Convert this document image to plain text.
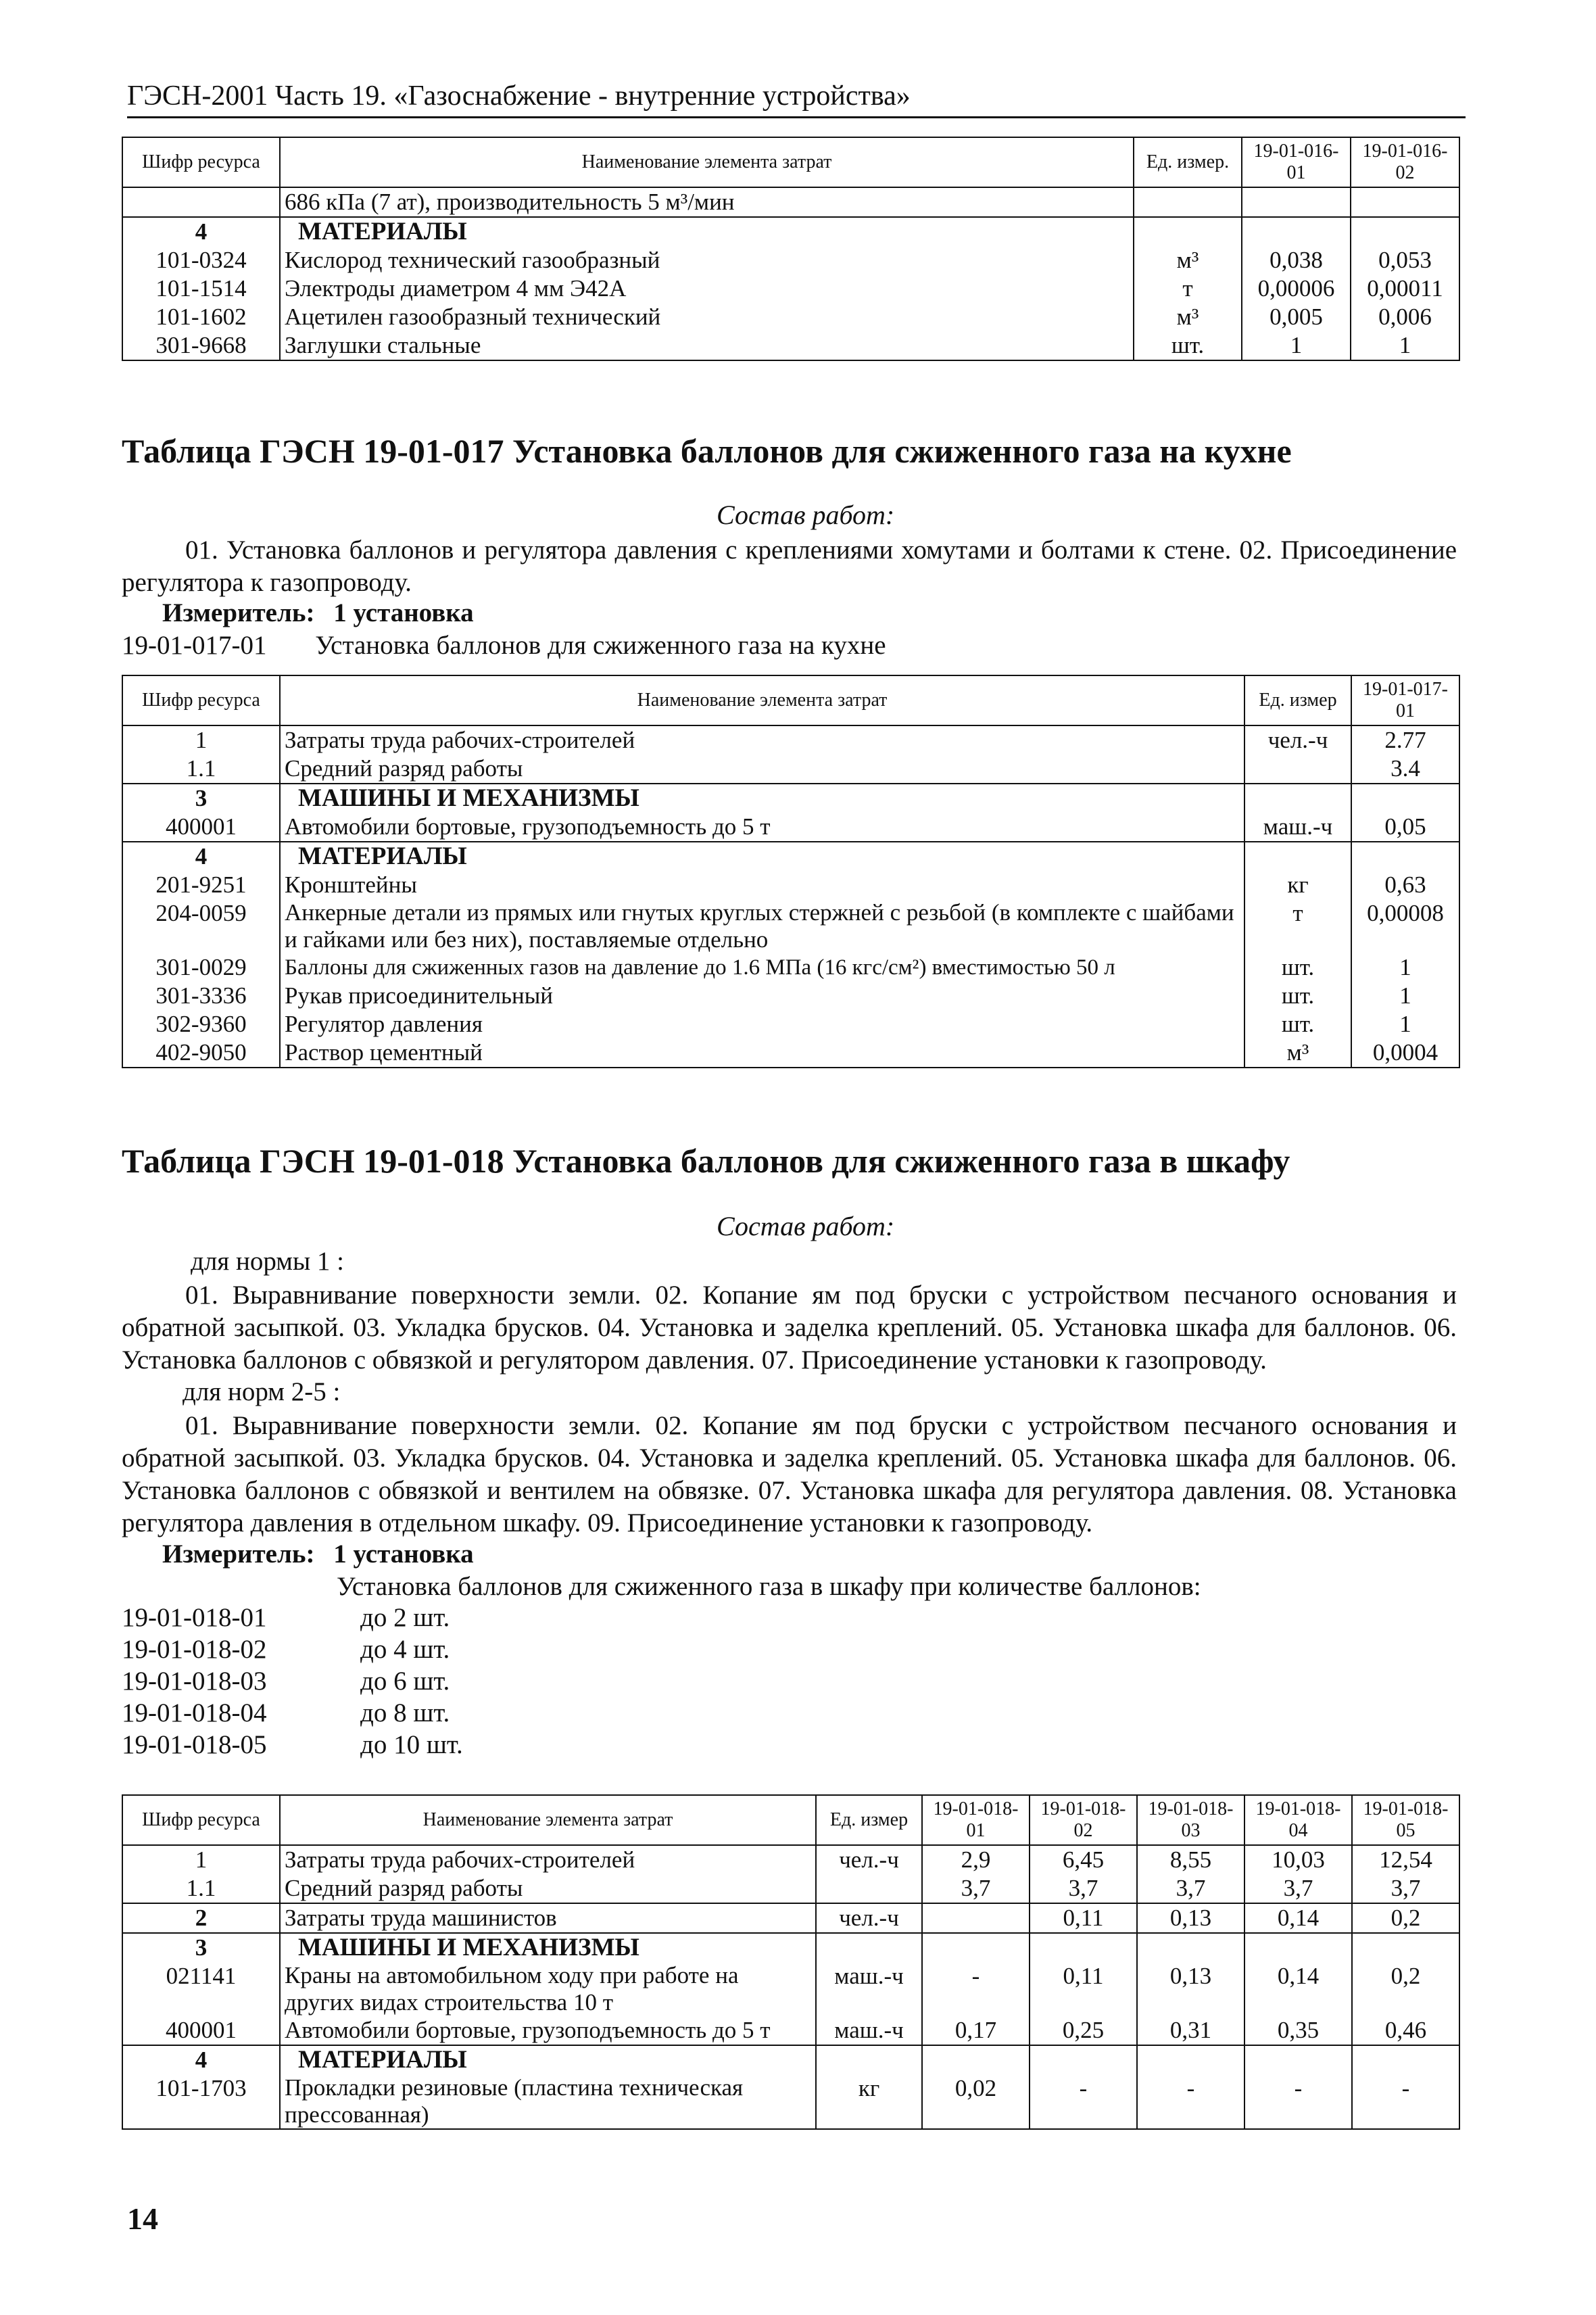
ГЭСН-2001 Часть 19. «Газоснабжение - внутренние устройства»
Шифр ресурса	Наименование элемента затрат	Ед. измер.	19-01-016-01	19-01-016-02
	686 кПа (7 ат), производительность 5 м³/мин			
4	МАТЕРИАЛЫ			
101-0324	Кислород технический газообразный	м³	0,038	0,053
101-1514	Электроды диаметром 4 мм Э42А	т	0,00006	0,00011
101-1602	Ацетилен газообразный технический	м³	0,005	0,006
301-9668	Заглушки стальные	шт.	1	1
Таблица ГЭСН 19-01-017 Установка баллонов для сжиженного газа на кухне
Состав работ:
01. Установка баллонов и регулятора давления с креплениями хомутами и болтами к стене. 02. Присоединение регулятора к газопроводу.
Измеритель: 1 установка
19-01-017-01 Установка баллонов для сжиженного газа на кухне
Шифр ресурса	Наименование элемента затрат	Ед. измер	19-01-017-01
1	Затраты труда рабочих-строителей	чел.-ч	2.77
1.1	Средний разряд работы		3.4
3	МАШИНЫ И МЕХАНИЗМЫ		
400001	Автомобили бортовые, грузоподъемность до 5 т	маш.-ч	0,05
4	МАТЕРИАЛЫ		
201-9251	Кронштейны	кг	0,63
204-0059	Анкерные детали из прямых или гнутых круглых стержней с резьбой (в комплекте с шайбами и гайками или без них), поставляемые отдельно	т	0,00008
301-0029	Баллоны для сжиженных газов на давление до 1.6 МПа (16 кгс/см²) вместимостью 50 л	шт.	1
301-3336	Рукав присоединительный	шт.	1
302-9360	Регулятор давления	шт.	1
402-9050	Раствор цементный	м³	0,0004
Таблица ГЭСН 19-01-018 Установка баллонов для сжиженного газа в шкафу
Состав работ:
для нормы 1 :
01. Выравнивание поверхности земли. 02. Копание ям под бруски с устройством песчаного основания и обратной засыпкой. 03. Укладка брусков. 04. Установка и заделка креплений. 05. Установка шкафа для баллонов. 06. Установка баллонов с обвязкой и регулятором давления. 07. Присоединение установки к газопроводу.
для норм 2-5 :
01. Выравнивание поверхности земли. 02. Копание ям под бруски с устройством песчаного основания и обратной засыпкой. 03. Укладка брусков. 04. Установка и заделка креплений. 05. Установка шкафа для баллонов. 06. Установка баллонов с обвязкой и вентилем на обвязке. 07. Установка шкафа для регулятора давления. 08. Установка регулятора давления в отдельном шкафу. 09. Присоединение установки к газопроводу.
Измеритель: 1 установка
Установка баллонов для сжиженного газа в шкафу при количестве баллонов:
19-01-018-01	до 2 шт.
19-01-018-02	до 4 шт.
19-01-018-03	до 6 шт.
19-01-018-04	до 8 шт.
19-01-018-05	до 10 шт.
Шифр ресурса	Наименование элемента затрат	Ед. измер	19-01-018-01	19-01-018-02	19-01-018-03	19-01-018-04	19-01-018-05
1	Затраты труда рабочих-строителей	чел.-ч	2,9	6,45	8,55	10,03	12,54
1.1	Средний разряд работы		3,7	3,7	3,7	3,7	3,7
2	Затраты труда машинистов	чел.-ч		0,11	0,13	0,14	0,2
3	МАШИНЫ И МЕХАНИЗМЫ						
021141	Краны на автомобильном ходу при работе на других видах строительства 10 т	маш.-ч	-	0,11	0,13	0,14	0,2
400001	Автомобили бортовые, грузоподъемность до 5 т	маш.-ч	0,17	0,25	0,31	0,35	0,46
4	МАТЕРИАЛЫ						
101-1703	Прокладки резиновые (пластина техническая прессованная)	кг	0,02	-	-	-	-
14
